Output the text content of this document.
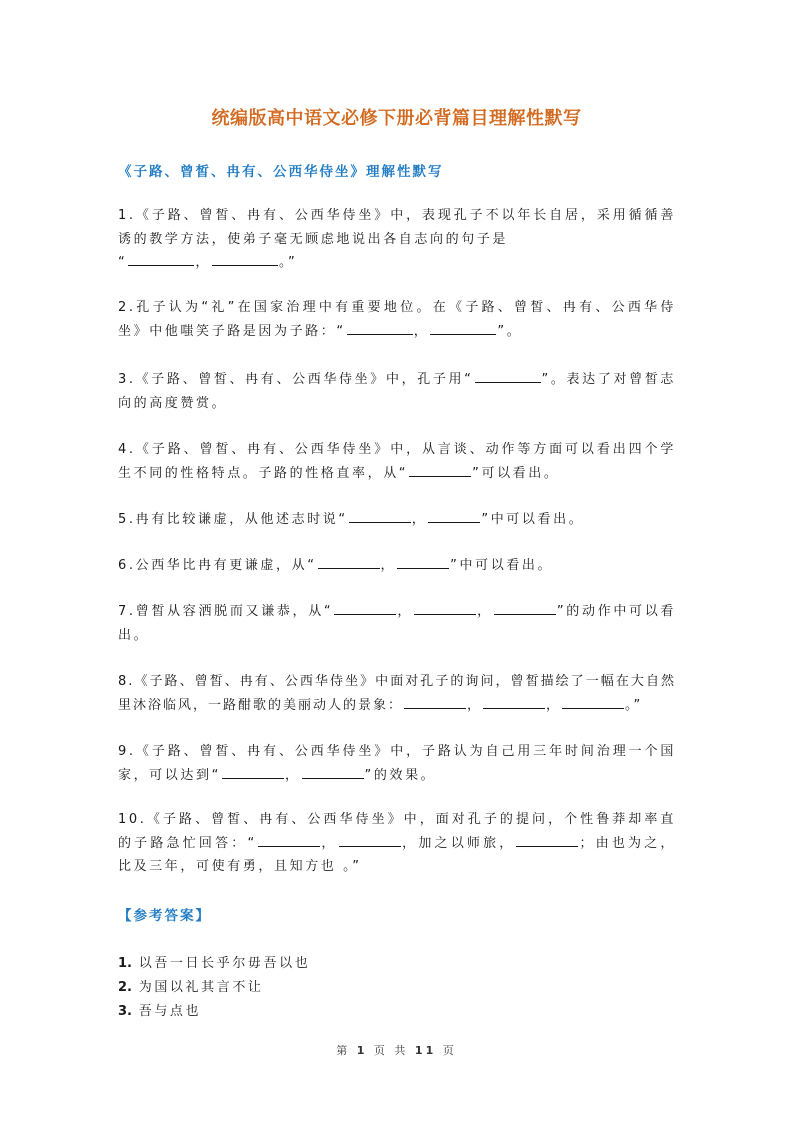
统编版高中语文必修下册必背篇目理解性默写
《子路、曾皙、冉有、公西华侍坐》理解性默写
1.《子路、曾皙、冉有、公西华侍坐》中，表现孔子不以年长自居，采用循循善诱的教学方法，使弟子毫无顾虑地说出各自志向的句子是
“	，	。”
2.孔子认为“礼”在国家治理中有重要地位。在《子路、曾皙、冉有、公西华侍坐》中他嗤笑子路是因为子路：“	，	”。
3.《子路、曾皙、冉有、公西华侍坐》中，孔子用“	”。表达了对曾皙志向的高度赞赏。
4.《子路、曾皙、冉有、公西华侍坐》中，从言谈、动作等方面可以看出四个学生不同的性格特点。子路的性格直率，从“	”可以看出。
5.冉有比较谦虚，从他述志时说“	，	”中可以看出。
6.公西华比冉有更谦虚，从“	，	”中可以看出。
7.曾皙从容洒脱而又谦恭，从“	，	，	”的动作中可以看出。
8.《子路、曾皙、冉有、公西华侍坐》中面对孔子的询问，曾皙描绘了一幅在大自然里沐浴临风，一路酣歌的美丽动人的景象：	，	，	。”
9.《子路、曾皙、冉有、公西华侍坐》中，子路认为自己用三年时间治理一个国家，可以达到“	，	”的效果。
10.《子路、曾皙、冉有、公西华侍坐》中，面对孔子的提问，个性鲁莽却率直的子路急忙回答：“	，	，加之以师旅，	；由也为之，比及三年，可使有勇，且知方也 。”
【参考答案】
1. 以吾一日长乎尔毋吾以也
2. 为国以礼其言不让
3. 吾与点也
第 1 页 共 11 页
